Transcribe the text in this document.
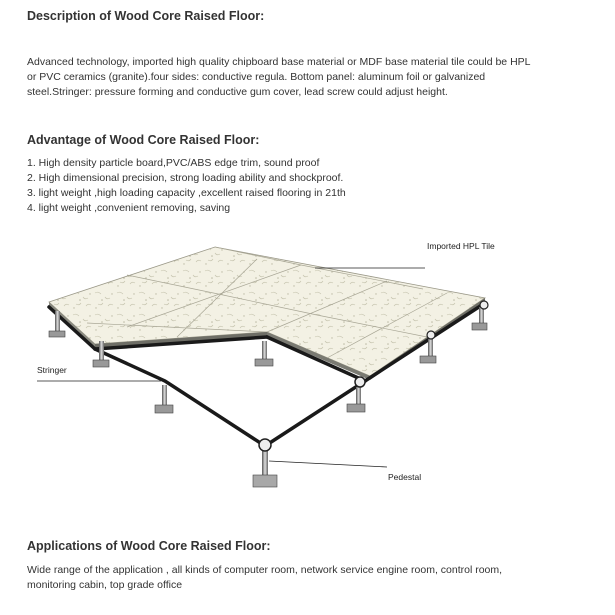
Description of Wood Core Raised Floor:
Advanced technology, imported high quality chipboard base material or MDF base material tile could be HPL
or PVC ceramics (granite).four sides: conductive regula. Bottom panel: aluminum foil or galvanized
steel.Stringer: pressure forming and conductive gum cover, lead screw could adjust height.
Advantage of Wood Core Raised Floor:
1. High density particle board,PVC/ABS edge trim, sound proof
2. High dimensional precision, strong loading ability and shockproof.
3. light weight ,high loading capacity ,excellent raised flooring in 21th
4. light weight ,convenient removing, saving
Imported HPL Tile
Stringer
Pedestal
Applications of Wood Core Raised Floor:
Wide range of the application , all kinds of computer room, network service engine room, control room,
monitoring cabin, top grade office
